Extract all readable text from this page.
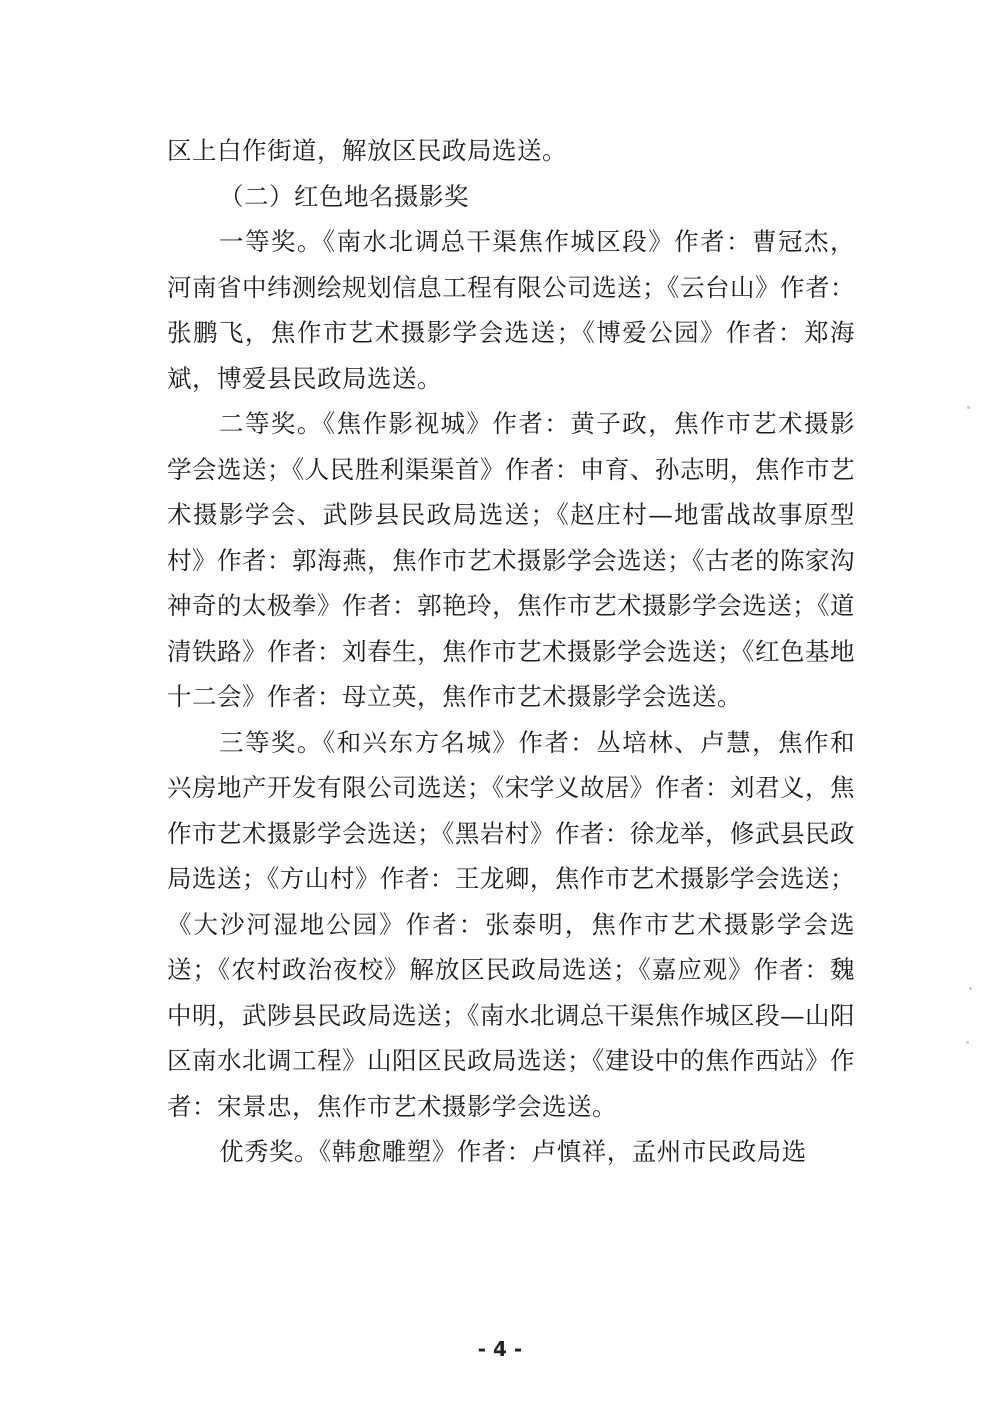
区上白作街道，解放区民政局选送。

（二）红色地名摄影奖

一等奖。《南水北调总干渠焦作城区段》作者：曹冠杰，河南省中纬测绘规划信息工程有限公司选送；《云台山》作者：张鹏飞，焦作市艺术摄影学会选送；《博爱公园》作者：郑海斌，博爱县民政局选送。

二等奖。《焦作影视城》作者：黄子政，焦作市艺术摄影学会选送；《人民胜利渠渠首》作者：申育、孙志明，焦作市艺术摄影学会、武陟县民政局选送；《赵庄村—地雷战故事原型村》作者：郭海燕，焦作市艺术摄影学会选送；《古老的陈家沟神奇的太极拳》作者：郭艳玲，焦作市艺术摄影学会选送；《道清铁路》作者：刘春生，焦作市艺术摄影学会选送；《红色基地十二会》作者：母立英，焦作市艺术摄影学会选送。

三等奖。《和兴东方名城》作者：丛培林、卢慧，焦作和兴房地产开发有限公司选送；《宋学义故居》作者：刘君义，焦作市艺术摄影学会选送；《黑岩村》作者：徐龙举，修武县民政局选送；《方山村》作者：王龙卿，焦作市艺术摄影学会选送；《大沙河湿地公园》作者：张泰明，焦作市艺术摄影学会选送；《农村政治夜校》解放区民政局选送；《嘉应观》作者：魏中明，武陟县民政局选送；《南水北调总干渠焦作城区段—山阳区南水北调工程》山阳区民政局选送；《建设中的焦作西站》作者：宋景忠，焦作市艺术摄影学会选送。

优秀奖。《韩愈雕塑》作者：卢慎祥，孟州市民政局选

- 4 -
